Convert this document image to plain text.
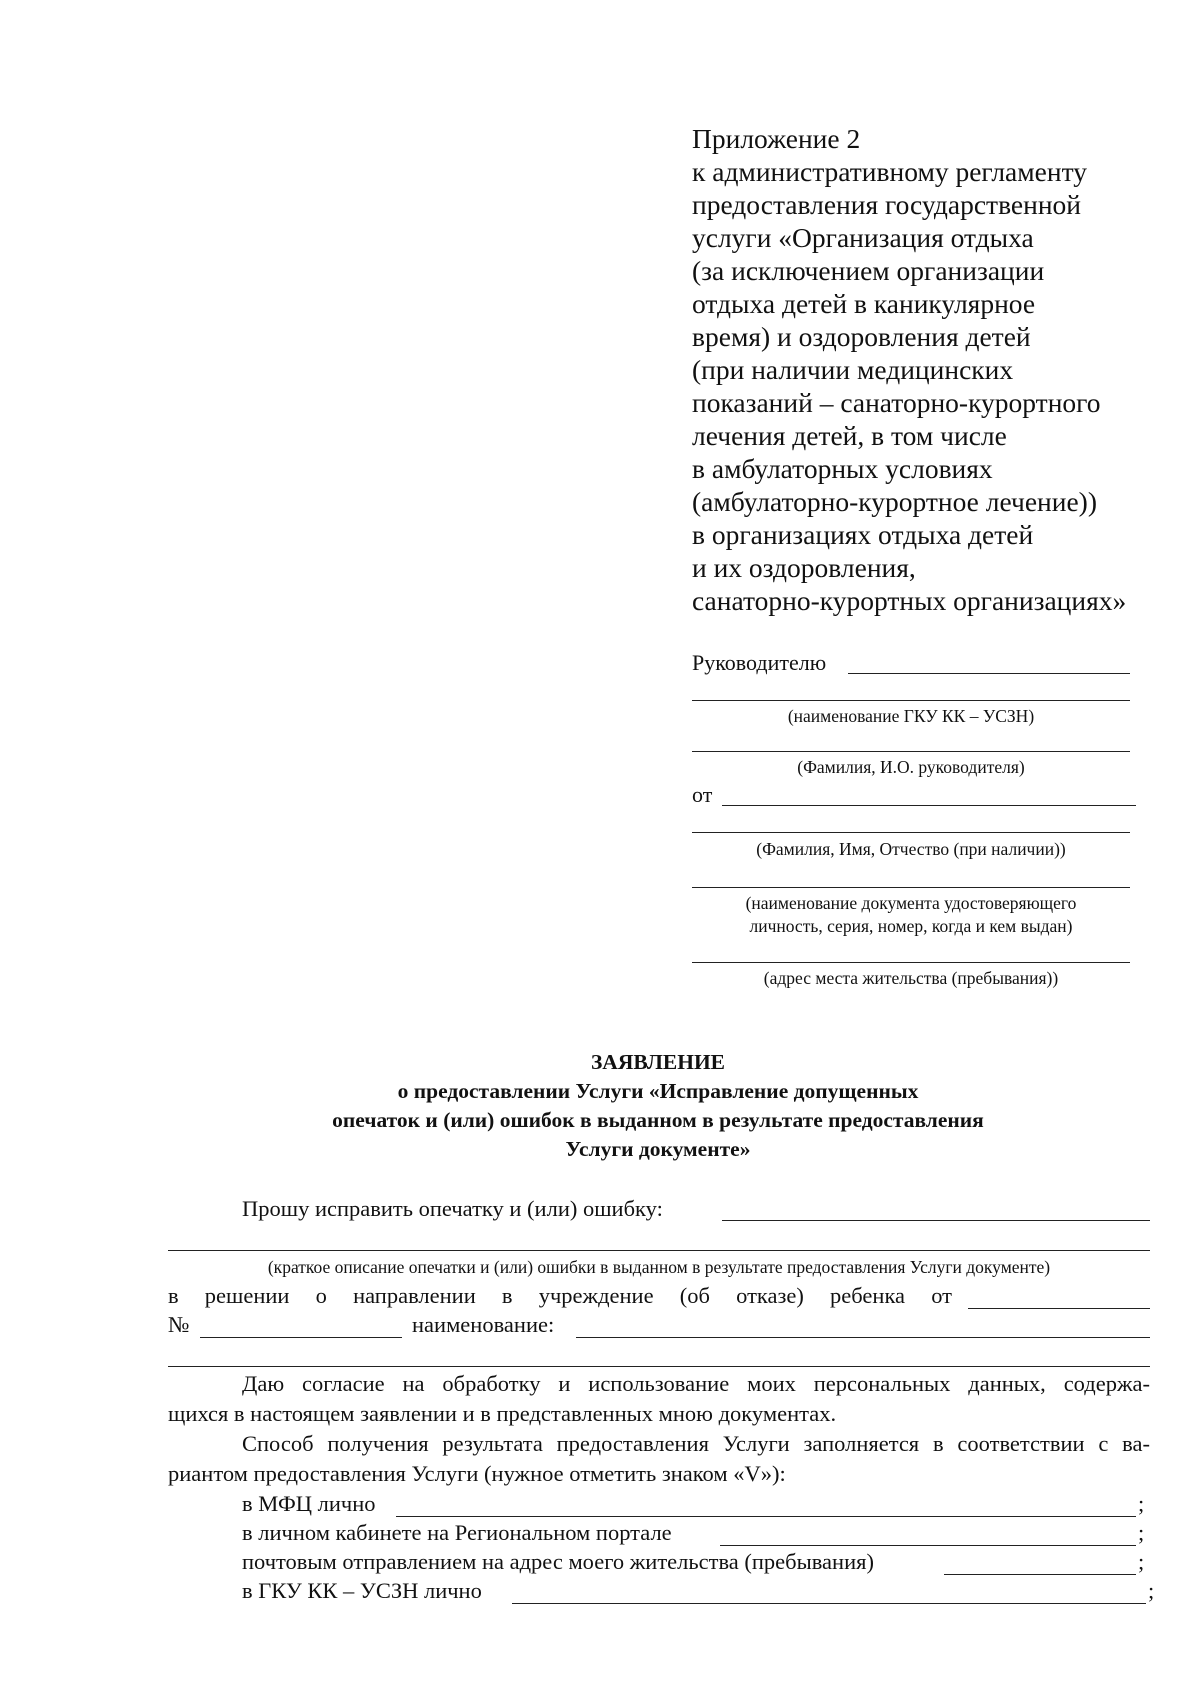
Приложение 2
к административному регламенту
предоставления государственной
услуги «Организация отдыха
(за исключением организации
отдыха детей в каникулярное
время) и оздоровления детей
(при наличии медицинских
показаний – санаторно-курортного
лечения детей, в том числе
в амбулаторных условиях
(амбулаторно-курортное лечение))
в организациях отдыха детей
и их оздоровления,
санаторно-курортных организациях»
Руководителю
(наименование ГКУ КК – УСЗН)
(Фамилия, И.О. руководителя)
от
(Фамилия, Имя, Отчество (при наличии))
(наименование документа удостоверяющего
личность, серия, номер, когда и кем выдан)
(адрес места жительства (пребывания))
ЗАЯВЛЕНИЕ
о предоставлении Услуги «Исправление допущенных
опечаток и (или) ошибок в выданном в результате предоставления
Услуги документе»
Прошу исправить опечатку и (или) ошибку:
(краткое описание опечатки и (или) ошибки в выданном в результате предоставления Услуги документе)
в решении о направлении в учреждение (об отказе) ребенка от
№	наименование:
Даю согласие на обработку и использование моих персональных данных, содержа-
щихся в настоящем заявлении и в представленных мною документах.
Способ получения результата предоставления Услуги заполняется в соответствии с ва-
риантом предоставления Услуги (нужное отметить знаком «V»):
в МФЦ лично	;
в личном кабинете на Региональном портале	;
почтовым отправлением на адрес моего жительства (пребывания)	;
в ГКУ КК – УСЗН лично	;
